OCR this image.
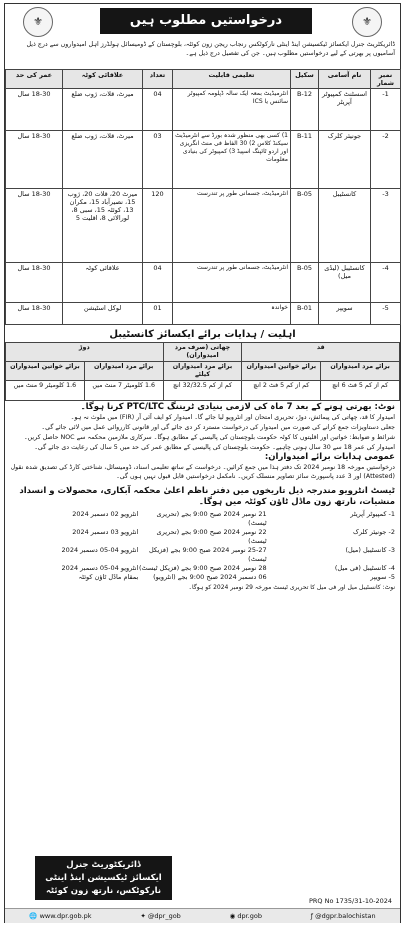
⚜	درخواستیں مطلوب ہیں	⚜
ڈائریکٹریٹ جنرل ایکسائز ٹیکسیشن اینڈ اینٹی نارکوٹکس رنجاب ریجن زون کوئٹہ، بلوچستان کے ڈومیسائل ہولڈرز اہل امیدواروں سے درج ذیل آسامیوں پر بھرتی کے لیے درخواستیں مطلوب ہیں۔ جن کی تفصیل درج ذیل ہے۔
نمبر شمار	نام آسامی	سکیل	تعلیمی قابلیت	تعداد	علاقائی کوٹہ	عمر کی حد
1-	اسسٹنٹ کمپیوٹر آپریٹر	B-12	انٹرمیڈیٹ بمعہ ایک سالہ ڈپلومہ کمپیوٹر سائنس یا ICS	04	میرٹ، قلات، ژوب ضلع	18-30 سال
2-	جونیئر کلرک	B-11	1) کسی بھی منظور شدہ بورڈ سے انٹرمیڈیٹ سیکنڈ کلاس 2) 30 الفاظ فی منٹ انگریزی اور اردو ٹائپنگ اسپیڈ 3) کمپیوٹر کی بنیادی معلومات	03	میرٹ، قلات، ژوب ضلع	18-30 سال
3-	کانسٹیبل	B-05	انٹرمیڈیٹ، جسمانی طور پر تندرست	120	میرٹ 20، قلات 20، ژوب 15، نصیرآباد 15، مکران 13، کوئٹہ 15، سبی 8، لورالائی 8، اقلیت 5	18-30 سال
4-	کانسٹیبل (لیڈی میل)	B-05	انٹرمیڈیٹ، جسمانی طور پر تندرست	04	علاقائی کوٹہ	18-30 سال
5-	سویپر	B-01	خواندہ	01	لوکل اسٹیشن	18-30 سال
اہلیت / ہدایات برائے ایکسائز کانسٹیبل
قد		چھاتی (صرف مرد امیدواران)	دوڑ	
برائے مرد امیدواران	برائے خواتین امیدواران	برائے مرد امیدواران کیلئے	برائے مرد امیدواران	برائے خواتین امیدواران
کم از کم 5 فٹ 6 انچ	کم از کم 5 فٹ 2 انچ	کم از کم 32/32.5 انچ	1.6 کلومیٹر 7 منٹ میں	1.6 کلومیٹر 9 منٹ میں

نوٹ: بھرتی ہونے کے بعد 7 ماہ کی لازمی بنیادی ٹریننگ PTC/LTC کرنا ہوگا۔

امیدوار کا قد، چھاتی کی پیمائش، دوڑ، تحریری امتحان اور انٹرویو لیا جائے گا۔ امیدوار کو ایف آئی آر (FIR) میں ملوث نہ ہو۔

جعلی دستاویزات جمع کرانے کی صورت میں امیدوار کی درخواست مسترد کر دی جائے گی اور قانونی کارروائی عمل میں لائی جائے گی۔

شرائط و ضوابط: خواتین اور اقلیتوں کا کوٹہ حکومت بلوچستان کی پالیسی کے مطابق ہوگا۔ سرکاری ملازمین محکمہ سے NOC حاصل کریں۔

امیدوار کی عمر 18 سے 30 سال ہونی چاہیے۔ حکومت بلوچستان کی پالیسی کے مطابق عمر کی حد میں 5 سال کی رعایت دی جائے گی۔

عمومی ہدایات برائے امیدواران:

درخواستیں مورخہ 18 نومبر 2024 تک دفتر ہذا میں جمع کرائیں۔ درخواست کے ساتھ تعلیمی اسناد، ڈومیسائل، شناختی کارڈ کی تصدیق شدہ نقول (Attested) اور 3 عدد پاسپورٹ سائز تصاویر منسلک کریں۔ نامکمل درخواستیں قابل قبول نہیں ہوں گی۔

ٹیسٹ انٹرویو مندرجہ ذیل تاریخوں میں دفتر ناظم اعلیٰ محکمہ آبکاری، محصولات و انسداد منشیات، نارتھ زون ماڈل ٹاؤن کوئٹہ میں ہوگا۔

1- کمپیوٹر آپریٹر
21 نومبر 2024 صبح 9:00 بجے (تحریری ٹیسٹ)
انٹرویو 02 دسمبر 2024
2- جونیئر کلرک
22 نومبر 2024 صبح 9:00 بجے (تحریری ٹیسٹ)
انٹرویو 03 دسمبر 2024
3- کانسٹیبل (میل)
25-27 نومبر 2024 صبح 9:00 بجے (فزیکل ٹیسٹ)
انٹرویو 04-05 دسمبر 2024
4- کانسٹیبل (فی میل)
28 نومبر 2024 صبح 9:00 بجے (فزیکل ٹیسٹ)
انٹرویو 04-05 دسمبر 2024
5- سویپر
06 دسمبر 2024 صبح 9:00 بجے (انٹرویو)
بمقام ماڈل ٹاؤن کوئٹہ

نوٹ: کانسٹیبل میل اور فی میل کا تحریری ٹیسٹ مورخہ 29 نومبر 2024 کو ہوگا۔

ڈائریکٹوریٹ جنرل
ایکسائز ٹیکسیشن اینڈ اینٹی
نارکوٹکس، نارتھ زون کوئٹہ
PRQ No 1735/31-10-2024
🌐 www.dpr.gob.pk	✦ @dpr_gob	◉ dpr.gob	ƒ @dgpr.balochistan
